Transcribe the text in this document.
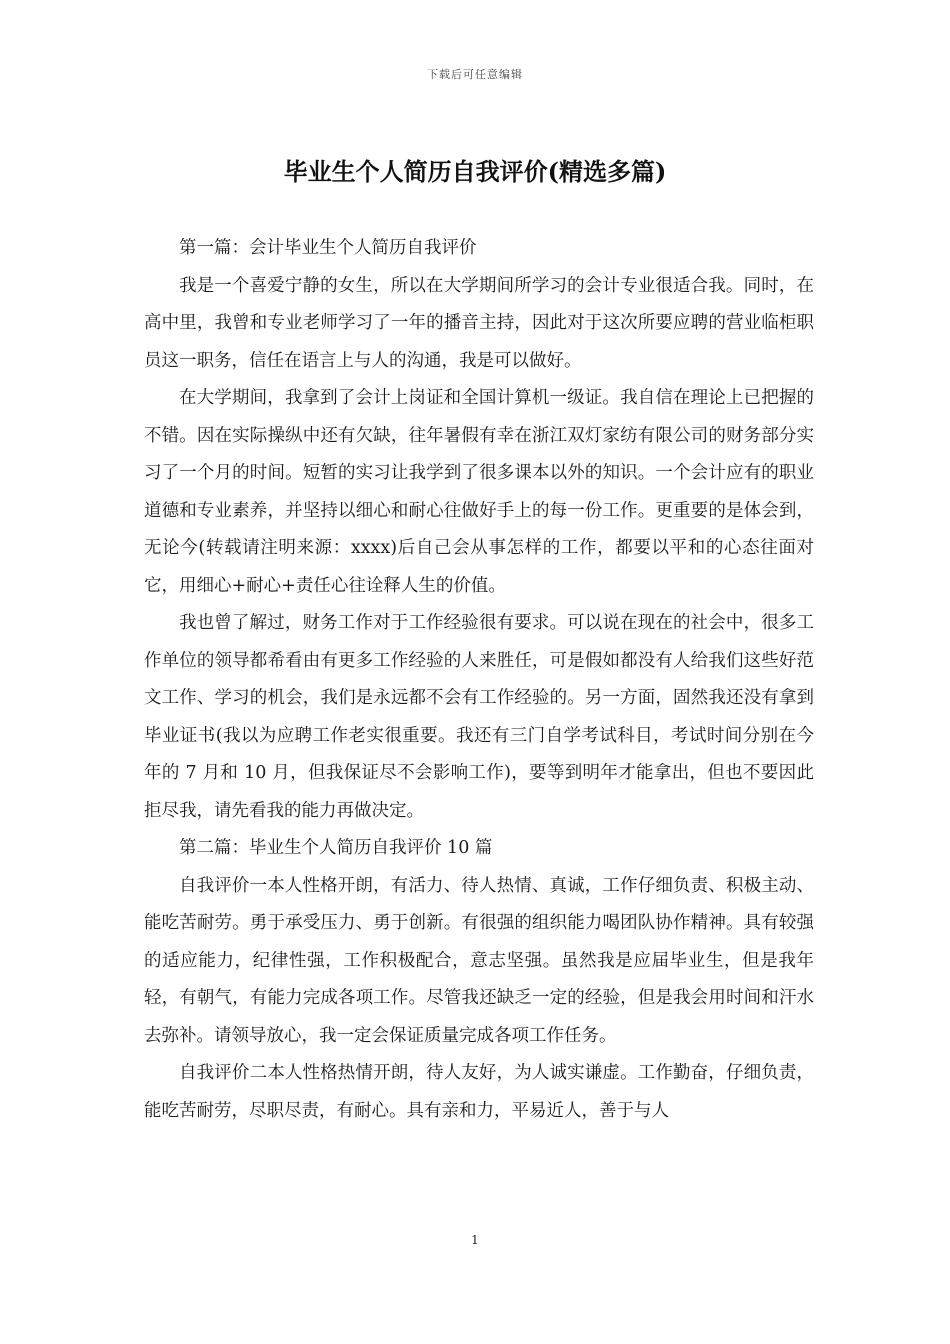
下载后可任意编辑
毕业生个人简历自我评价(精选多篇)

第一篇：会计毕业生个人简历自我评价

我是一个喜爱宁静的女生，所以在大学期间所学习的会计专业很适合我。同时，在高中里，我曾和专业老师学习了一年的播音主持，因此对于这次所要应聘的营业临柜职员这一职务，信任在语言上与人的沟通，我是可以做好。

在大学期间，我拿到了会计上岗证和全国计算机一级证。我自信在理论上已把握的不错。因在实际操纵中还有欠缺，往年暑假有幸在浙江双灯家纺有限公司的财务部分实习了一个月的时间。短暂的实习让我学到了很多课本以外的知识。一个会计应有的职业道德和专业素养，并坚持以细心和耐心往做好手上的每一份工作。更重要的是体会到，无论今(转载请注明来源：xxxx)后自己会从事怎样的工作，都要以平和的心态往面对它，用细心+耐心+责任心往诠释人生的价值。

我也曾了解过，财务工作对于工作经验很有要求。可以说在现在的社会中，很多工作单位的领导都希看由有更多工作经验的人来胜任，可是假如都没有人给我们这些好范文工作、学习的机会，我们是永远都不会有工作经验的。另一方面，固然我还没有拿到毕业证书(我以为应聘工作老实很重要。我还有三门自学考试科目，考试时间分别在今年的 7 月和 10 月，但我保证尽不会影响工作)，要等到明年才能拿出，但也不要因此拒尽我，请先看我的能力再做决定。

第二篇：毕业生个人简历自我评价 10 篇

自我评价一本人性格开朗，有活力、待人热情、真诚，工作仔细负责、积极主动、能吃苦耐劳。勇于承受压力、勇于创新。有很强的组织能力喝团队协作精神。具有较强的适应能力，纪律性强，工作积极配合，意志坚强。虽然我是应届毕业生，但是我年轻，有朝气，有能力完成各项工作。尽管我还缺乏一定的经验，但是我会用时间和汗水去弥补。请领导放心，我一定会保证质量完成各项工作任务。

自我评价二本人性格热情开朗，待人友好，为人诚实谦虚。工作勤奋，仔细负责，能吃苦耐劳，尽职尽责，有耐心。具有亲和力，平易近人，善于与人

1
